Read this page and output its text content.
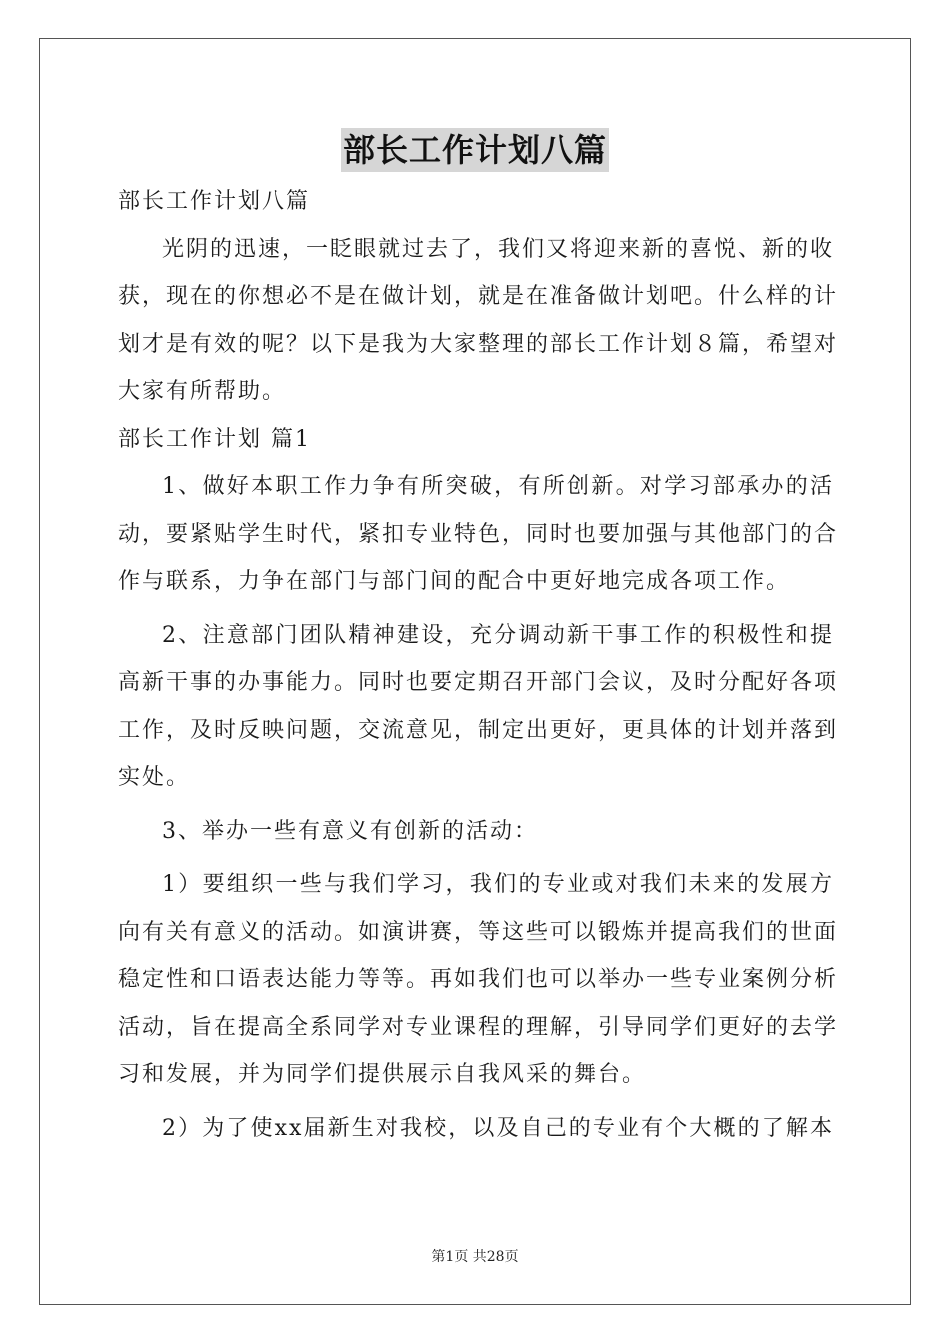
部长工作计划八篇

部长工作计划八篇

光阴的迅速，一眨眼就过去了，我们又将迎来新的喜悦、新的收

获，现在的你想必不是在做计划，就是在准备做计划吧。什么样的计

划才是有效的呢？以下是我为大家整理的部长工作计划８篇，希望对

大家有所帮助。

部长工作计划 篇1

1、做好本职工作力争有所突破，有所创新。对学习部承办的活

动，要紧贴学生时代，紧扣专业特色，同时也要加强与其他部门的合

作与联系，力争在部门与部门间的配合中更好地完成各项工作。

2、注意部门团队精神建设，充分调动新干事工作的积极性和提

高新干事的办事能力。同时也要定期召开部门会议，及时分配好各项

工作，及时反映问题，交流意见，制定出更好，更具体的计划并落到

实处。

3、举办一些有意义有创新的活动：

1）要组织一些与我们学习，我们的专业或对我们未来的发展方

向有关有意义的活动。如演讲赛，等这些可以锻炼并提高我们的世面

稳定性和口语表达能力等等。再如我们也可以举办一些专业案例分析

活动，旨在提高全系同学对专业课程的理解，引导同学们更好的去学

习和发展，并为同学们提供展示自我风采的舞台。

2）为了使xx届新生对我校，以及自己的专业有个大概的了解本

第1页 共28页
